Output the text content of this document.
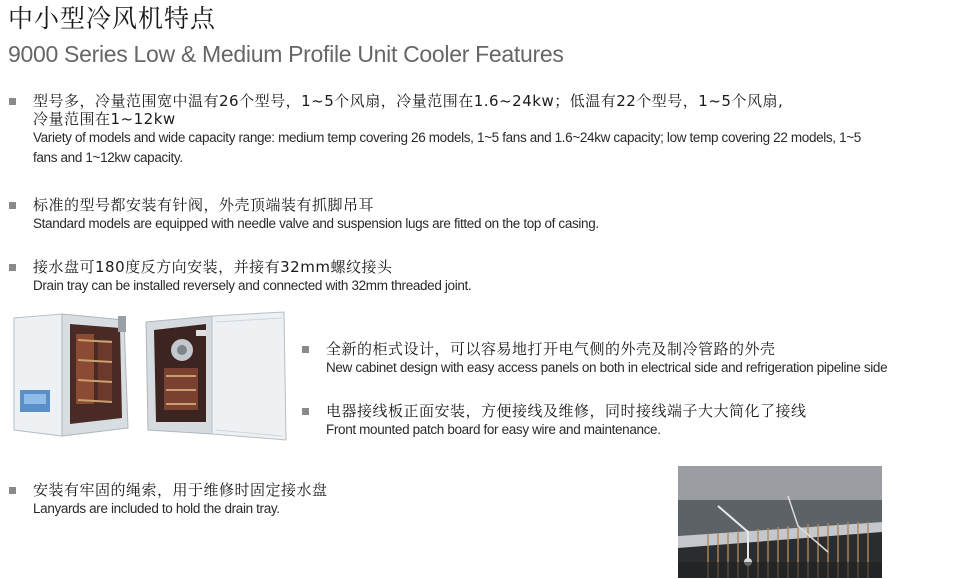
中小型冷风机特点
9000 Series Low & Medium Profile Unit Cooler Features
型号多，冷量范围宽中温有26个型号，1~5个风扇，冷量范围在1.6~24kw；低温有22个型号，1~5个风扇,
冷量范围在1~12kw
Variety of models and wide capacity range: medium temp covering 26 models, 1~5 fans and 1.6~24kw capacity; low temp covering 22 models, 1~5
fans and 1~12kw capacity.
标准的型号都安装有针阀，外壳顶端装有抓脚吊耳
Standard models are equipped with needle valve and suspension lugs are fitted on the top of casing.
接水盘可180度反方向安装，并接有32mm螺纹接头
Drain tray can be installed reversely and connected with 32mm threaded joint.
全新的柜式设计，可以容易地打开电气侧的外壳及制冷管路的外壳
New cabinet design with easy access panels on both in electrical side and refrigeration pipeline side
电器接线板正面安装，方便接线及维修，同时接线端子大大简化了接线
Front mounted patch board for easy wire and maintenance.
安装有牢固的绳索，用于维修时固定接水盘
Lanyards are included to hold the drain tray.
